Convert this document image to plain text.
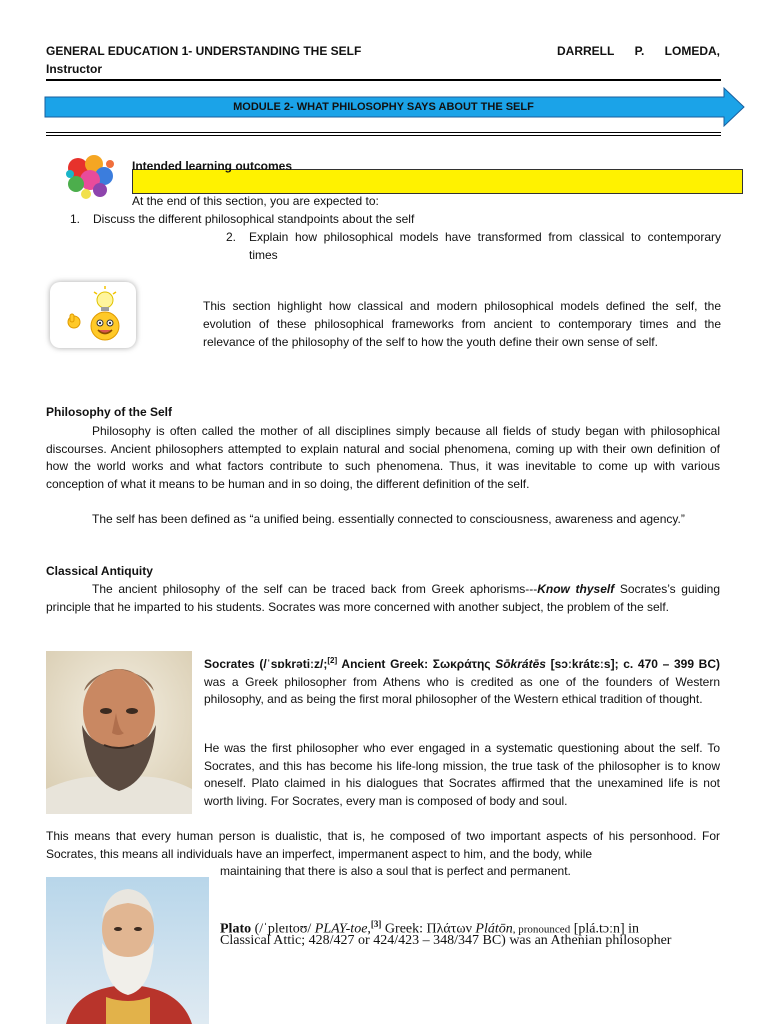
GENERAL EDUCATION 1- UNDERSTANDING THE SELF	DARRELL P. LOMEDA,
Instructor
MODULE 2- WHAT PHILOSOPHY SAYS ABOUT THE SELF
Intended learning outcomes
At the end of this section, you are expected to:
1. Discuss the different philosophical standpoints about the self
2. Explain how philosophical models have transformed from classical to contemporary times
This section highlight how classical and modern philosophical models defined the self, the evolution of these philosophical frameworks from ancient to contemporary times and the relevance of the philosophy of the self to how the youth define their own sense of self.
Philosophy of the Self
Philosophy is often called the mother of all disciplines simply because all fields of study began with philosophical discourses. Ancient philosophers attempted to explain natural and social phenomena, coming up with their own definition of how the world works and what factors contribute to such phenomena. Thus, it was inevitable to come up with various conception of what it means to be human and in so doing, the different definition of the self.
The self has been defined as “a unified being. essentially connected to consciousness, awareness and agency.”
Classical Antiquity
The ancient philosophy of the self can be traced back from Greek aphorisms---Know thyself Socrates’s guiding principle that he imparted to his students. Socrates was more concerned with another subject, the problem of the self.
Socrates (/ˈsɒkrətiːz/;[2] Ancient Greek: Σωκράτης Sōkrátēs [sɔːkrátɛːs]; c. 470 – 399 BC) was a Greek philosopher from Athens who is credited as one of the founders of Western philosophy, and as being the first moral philosopher of the Western ethical tradition of thought.
He was the first philosopher who ever engaged in a systematic questioning about the self. To Socrates, and this has become his life-long mission, the true task of the philosopher is to know oneself. Plato claimed in his dialogues that Socrates affirmed that the unexamined life is not worth living. For Socrates, every man is composed of body and soul.
This means that every human person is dualistic, that is, he composed of two important aspects of his personhood. For Socrates, this means all individuals have an imperfect, impermanent aspect to him, and the body, while
maintaining that there is also a soul that is perfect and permanent.
Plato (/ˈpleɪtoʊ/ PLAY-toe,[3] Greek: Πλάτων Plátōn, pronounced [plá.tɔːn] in
Classical Attic; 428/427 or 424/423 – 348/347 BC) was an Athenian philosopher
